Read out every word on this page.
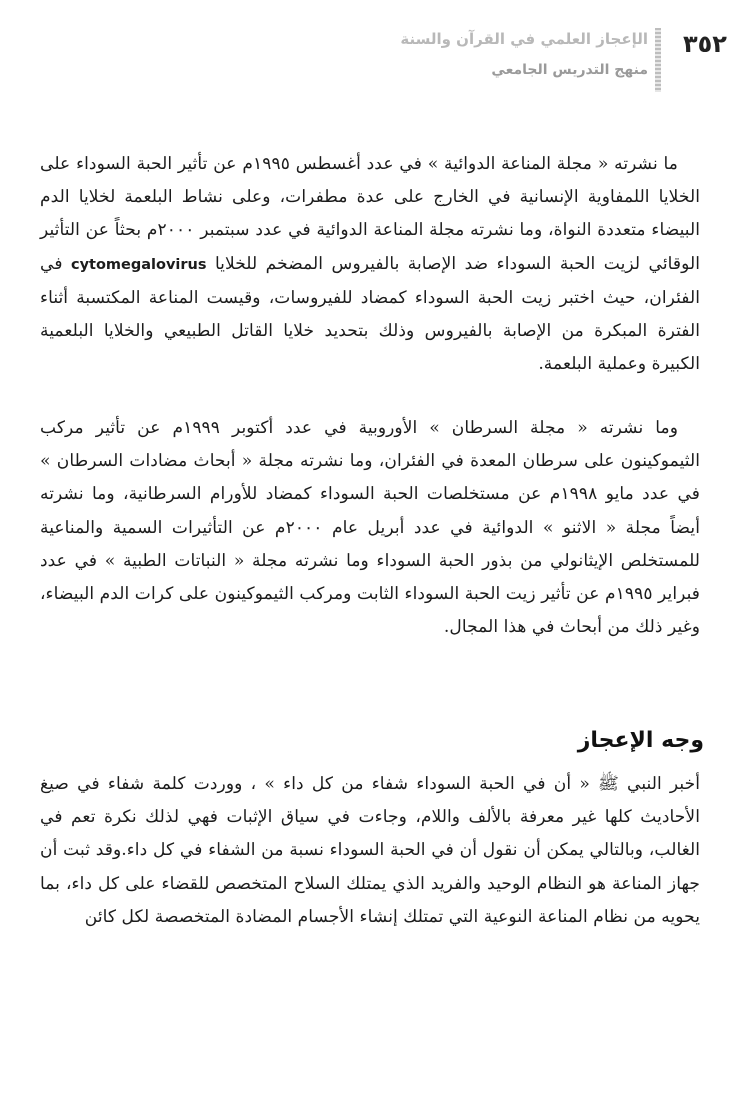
٣٥٢
الإعجاز العلمي في القرآن والسنة
منهج التدريس الجامعي

ما نشرته « مجلة المناعة الدوائية » في عدد أغسطس ١٩٩٥م عن تأثير الحبة السوداء على الخلايا اللمفاوية الإنسانية في الخارج على عدة مطفرات، وعلى نشاط البلعمة لخلايا الدم البيضاء متعددة النواة، وما نشرته مجلة المناعة الدوائية في عدد سبتمبر ٢٠٠٠م بحثاً عن التأثير الوقائي لزيت الحبة السوداء ضد الإصابة بالفيروس المضخم للخلايا cytomegalovirus في الفئران، حيث اختبر زيت الحبة السوداء كمضاد للفيروسات، وقيست المناعة المكتسبة أثناء الفترة المبكرة من الإصابة بالفيروس وذلك بتحديد خلايا القاتل الطبيعي والخلايا البلعمية الكبيرة وعملية البلعمة.

وما نشرته « مجلة السرطان » الأوروبية في عدد أكتوبر ١٩٩٩م عن تأثير مركب الثيموكينون على سرطان المعدة في الفئران، وما نشرته مجلة « أبحاث مضادات السرطان » في عدد مايو ١٩٩٨م عن مستخلصات الحبة السوداء كمضاد للأورام السرطانية، وما نشرته أيضاً مجلة « الاثنو » الدوائية في عدد أبريل عام ٢٠٠٠م عن التأثيرات السمية والمناعية للمستخلص الإيثانولي من بذور الحبة السوداء وما نشرته مجلة « النباتات الطبية » في عدد فبراير ١٩٩٥م عن تأثير زيت الحبة السوداء الثابت ومركب الثيموكينون على كرات الدم البيضاء، وغير ذلك من أبحاث في هذا المجال.

وجه الإعجاز

أخبر النبي ﷺ « أن في الحبة السوداء شفاء من كل داء » ، ووردت كلمة شفاء في صيغ الأحاديث كلها غير معرفة بالألف واللام، وجاءت في سياق الإثبات فهي لذلك نكرة تعم في الغالب، وبالتالي يمكن أن نقول أن في الحبة السوداء نسبة من الشفاء في كل داء.وقد ثبت أن جهاز المناعة هو النظام الوحيد والفريد الذي يمتلك السلاح المتخصص للقضاء على كل داء، بما يحويه من نظام المناعة النوعية التي تمتلك إنشاء الأجسام المضادة المتخصصة لكل كائن
